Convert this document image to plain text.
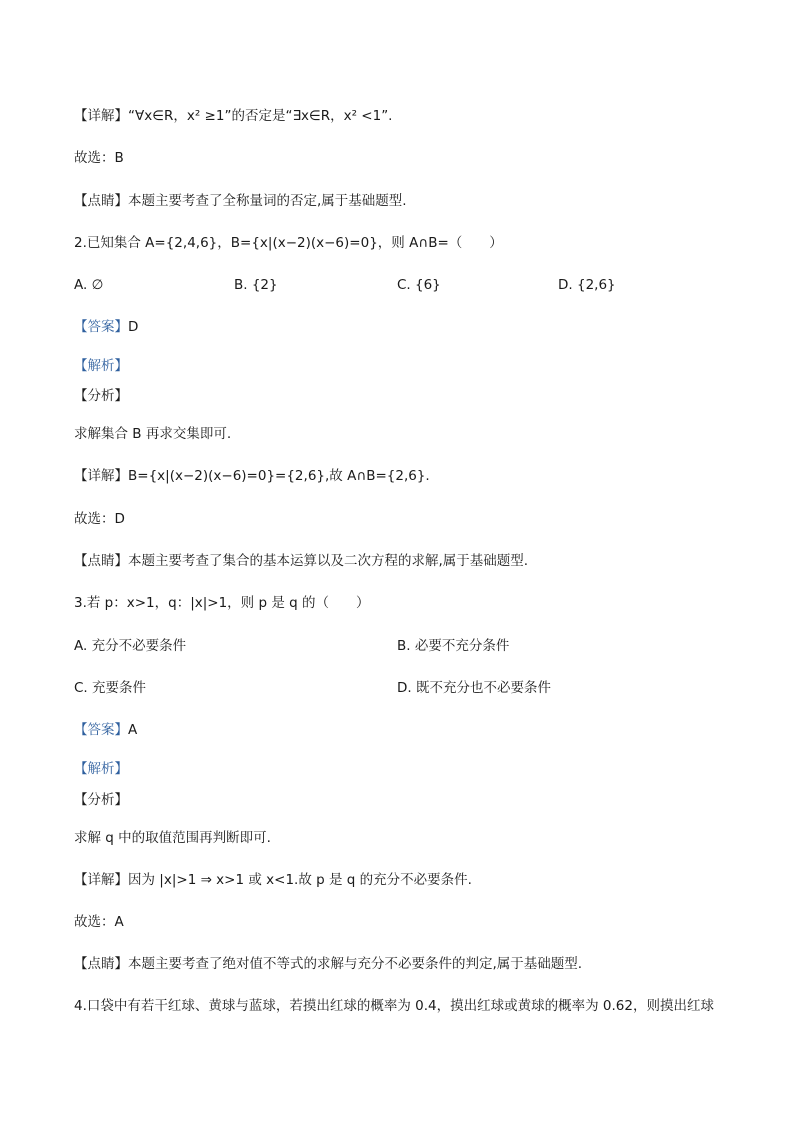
【详解】“∀x∈R，x² ≥1”的否定是“∃x∈R，x² <1”.
故选：B
【点睛】本题主要考查了全称量词的否定,属于基础题型.
2.已知集合 A={2,4,6}，B={x|(x−2)(x−6)=0}，则 A∩B=（　　）
A. ∅	B. {2}	C. {6}	D. {2,6}
【答案】D
【解析】
【分析】
求解集合 B 再求交集即可.
【详解】B={x|(x−2)(x−6)=0}={2,6},故 A∩B={2,6}.
故选：D
【点睛】本题主要考查了集合的基本运算以及二次方程的求解,属于基础题型.
3.若 p：x>1，q：|x|>1，则 p 是 q 的（　　）
A. 充分不必要条件	B. 必要不充分条件
C. 充要条件	D. 既不充分也不必要条件
【答案】A
【解析】
【分析】
求解 q 中的取值范围再判断即可.
【详解】因为 |x|>1 ⇒ x>1 或 x<1.故 p 是 q 的充分不必要条件.
故选：A
【点睛】本题主要考查了绝对值不等式的求解与充分不必要条件的判定,属于基础题型.
4.口袋中有若干红球、黄球与蓝球，若摸出红球的概率为 0.4，摸出红球或黄球的概率为 0.62，则摸出红球
